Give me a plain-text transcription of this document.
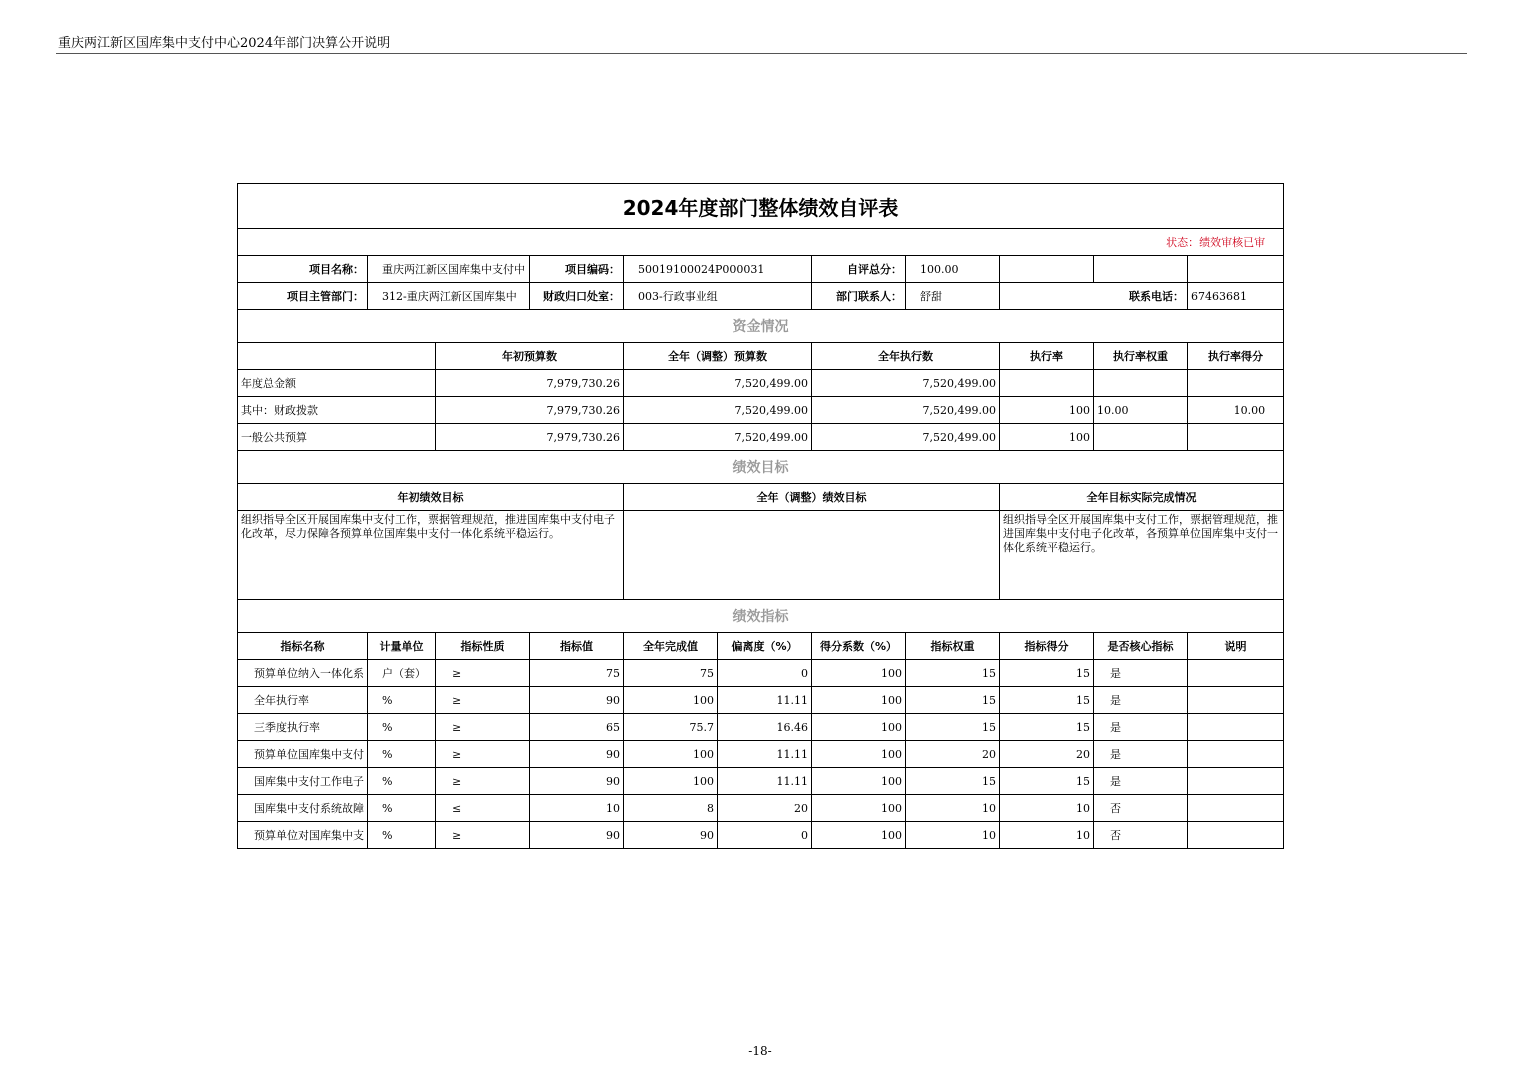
重庆两江新区国库集中支付中心2024年部门决算公开说明
2024年度部门整体绩效自评表										
状态：绩效审核已审										
项目名称：	重庆两江新区国库集中支付中		项目编码：	50019100024P000031		自评总分：	100.00			
项目主管部门：	312-重庆两江新区国库集中		财政归口处室：	003-行政事业组		部门联系人：	舒甜	联系电话：		67463681
资金情况										
		年初预算数		全年（调整）预算数		全年执行数		执行率	执行率权重	执行率得分
年度总金额		7,979,730.26		7,520,499.00		7,520,499.00				
其中：财政拨款		7,979,730.26		7,520,499.00		7,520,499.00		100	10.00	10.00
一般公共预算		7,979,730.26		7,520,499.00		7,520,499.00		100		
绩效目标										
年初绩效目标				全年（调整）绩效目标				全年目标实际完成情况		
组织指导全区开展国库集中支付工作，票据管理规范，推进国库集中支付电子化改革，尽力保障各预算单位国库集中支付一体化系统平稳运行。								组织指导全区开展国库集中支付工作，票据管理规范，推进国库集中支付电子化改革，各预算单位国库集中支付一体化系统平稳运行。		
绩效指标										
指标名称	计量单位	指标性质	指标值	全年完成值	偏离度（%）	得分系数（%）	指标权重	指标得分	是否核心指标	说明
预算单位纳入一体化系	户（套）	≥	75	75	0	100	15	15	是	
全年执行率	%	≥	90	100	11.11	100	15	15	是	
三季度执行率	%	≥	65	75.7	16.46	100	15	15	是	
预算单位国库集中支付	%	≥	90	100	11.11	100	20	20	是	
国库集中支付工作电子	%	≥	90	100	11.11	100	15	15	是	
国库集中支付系统故障	%	≤	10	8	20	100	10	10	否	
预算单位对国库集中支	%	≥	90	90	0	100	10	10	否	
-18-
